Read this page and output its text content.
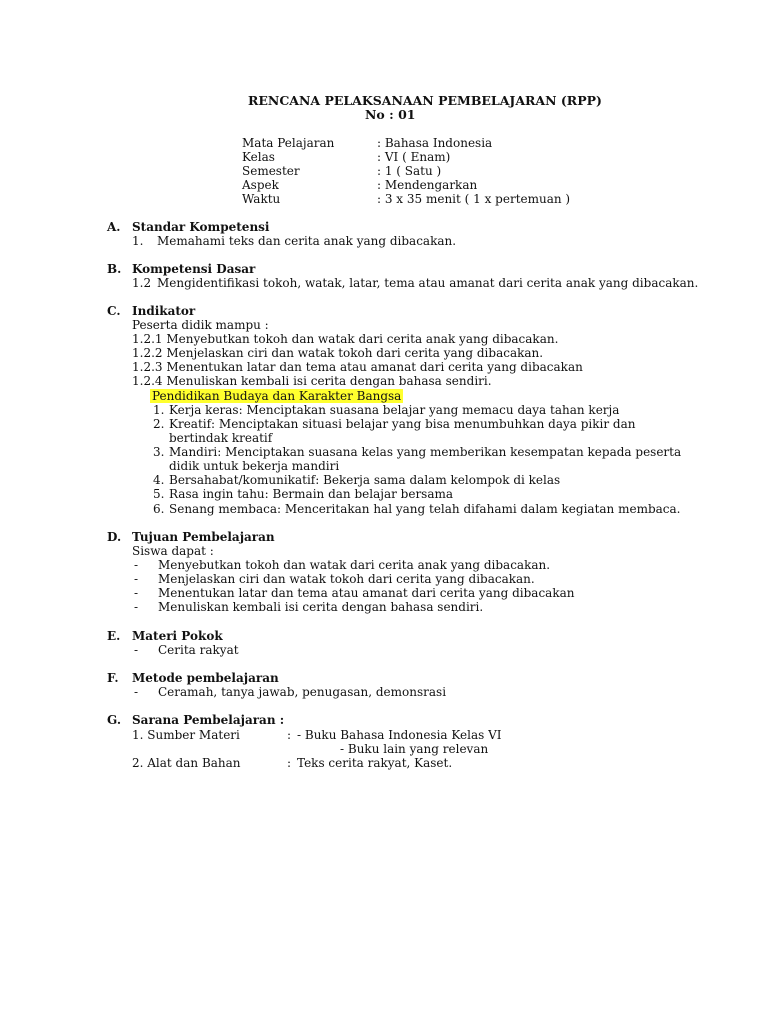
RENCANA PELAKSANAAN PEMBELAJARAN (RPP)
No : 01
Mata Pelajaran	: Bahasa Indonesia
Kelas	: VI ( Enam)
Semester	: 1 ( Satu )
Aspek	: Mendengarkan
Waktu	: 3 x 35 menit ( 1 x pertemuan )
A. Standar Kompetensi
1. Memahami teks dan cerita anak yang dibacakan.
B. Kompetensi Dasar
1.2 Mengidentifikasi tokoh, watak, latar, tema atau amanat dari cerita anak yang dibacakan.
C. Indikator
Peserta didik mampu :
1.2.1 Menyebutkan tokoh dan watak dari cerita anak yang dibacakan.
1.2.2 Menjelaskan ciri dan watak tokoh dari cerita yang dibacakan.
1.2.3 Menentukan latar dan tema atau amanat dari cerita yang dibacakan
1.2.4 Menuliskan kembali isi cerita dengan bahasa sendiri.
Pendidikan Budaya dan Karakter Bangsa
1. Kerja keras: Menciptakan suasana belajar yang memacu daya tahan kerja
2. Kreatif: Menciptakan situasi belajar yang bisa menumbuhkan daya pikir dan bertindak kreatif
3. Mandiri: Menciptakan suasana kelas yang memberikan kesempatan kepada peserta didik untuk bekerja mandiri
4. Bersahabat/komunikatif: Bekerja sama dalam kelompok di kelas
5. Rasa ingin tahu: Bermain dan belajar bersama
6. Senang membaca: Menceritakan hal yang telah difahami dalam kegiatan membaca.
D. Tujuan Pembelajaran
Siswa dapat :
- Menyebutkan tokoh dan watak dari cerita anak yang dibacakan.
- Menjelaskan ciri dan watak tokoh dari cerita yang dibacakan.
- Menentukan latar dan tema atau amanat dari cerita yang dibacakan
- Menuliskan kembali isi cerita dengan bahasa sendiri.
E. Materi Pokok
- Cerita rakyat
F. Metode pembelajaran
- Ceramah, tanya jawab, penugasan, demonsrasi
G. Sarana Pembelajaran :
1. Sumber Materi	: - Buku Bahasa Indonesia Kelas VI
- Buku lain yang relevan
2. Alat dan Bahan	: Teks cerita rakyat, Kaset.
